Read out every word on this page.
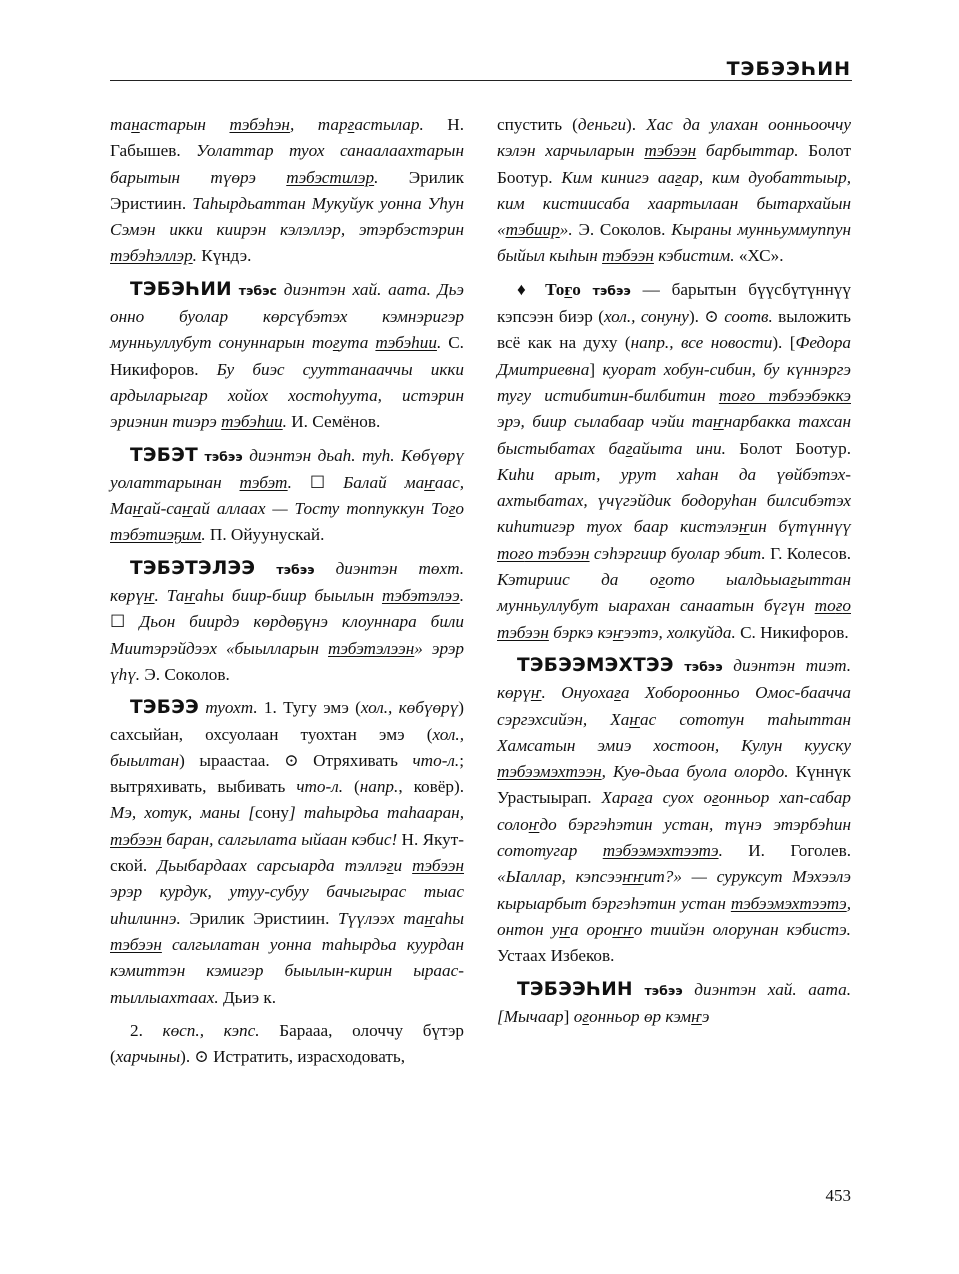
ТЭБЭЭҺИН

танастарын тэбэһэн, тарғастылар. Н. Габышев. Уолаттар туох санаалаахтарын барытын түөрэ тэбэстилэр. Эрилик Эристиин. Таһырдьаттан Мукуйук уонна Уһун Сэмэн икки киирэн кэлэллэр, этэрбэстэрин тэбэһэллэр. Күндэ.

ТЭБЭҺИИ тэбэс диэнтэн хай. аата. Дьэ онно буолар көрсүбэтэх кэмнэригэр мунньуллубут сонуннарын тоғута тэбэһии. С. Никифоров. Бу биэс сууттанааччы икки ардыларыгар хойох хостоһуута, истэрин эриэнин тиэрэ тэбэһии. И. Семёнов.

ТЭБЭТ тэбээ диэнтэн дьаһ. туһ. Көбүөрү уолаттарынан тэбэт. ☐ Балай маҥаас, Маҥай-саҥай аллаах — Тосту топпуккун Тоғо тэбэтиэҕим. П. Ойуунускай.

ТЭБЭТЭЛЭЭ тэбээ диэнтэн төхт. көрүҥ. Таҥаһы биир-биир быылын тэбэтэлээ. ☐ Дьон биирдэ көрдөҕүнэ клоуннара били Миитэрэйдээх «быылларын тэбэтэлээн» эрэр үһү. Э. Соколов.

ТЭБЭЭ туохт. 1. Тугу эмэ (хол., көбүөрү) сахсыйан, охсуолаан туохтан эмэ (хол., быылтан) ыраастаа. ⊙ Отряхивать что-л.; вытряхивать, выбивать что-л. (напр., ковёр). Мэ, хотук, маны [сону] таһырдьа таһааран, тэбээн баран, салгылата ыйаан кэбис! Н. Якутской. Дьыбардаах сарсыарда тэллэғи тэбээн эрэр курдук, утуу-субуу бачыгырас тыас иһилиннэ. Эрилик Эристиин. Түүлээх таҥаһы тэбээн салгылатан уонна таһырдьа куурдан кэмиттэн кэмигэр быылын-кирин ыраастыллыахтаах. Дьиэ к.

2. көсп., кэпс. Барааа, олоччу бүтэр (харчыны). ⊙ Истратить, израсходовать,

спустить (деньги). Хас да улахан оонньооччу кэлэн харчыларын тэбээн барбыттар. Болот Боотур. Ким кинигэ аағар, ким дуобаттыыр, ким кистиисаба хаартылаан бытархайын «тэбиир». Э. Соколов. Кыраны мунньуммуппун быйыл кыһын тэбээн кэбистим. «ХС».

♦ Тоғо тэбээ — барытын бүүсбүтүннүү кэпсээн биэр (хол., сонуну). ⊙ соотв. выложить всё как на духу (напр., все новости). [Федора Дмитриевна] куорат хобун-сибин, бу күннэргэ тугу истибитин-билбитин тоғо тэбээбэккэ эрэ, биир сылабаар чэйи таҥнарбакка тахсан быстыбатах бағайыта ини. Болот Боотур. Киһи арыт, урут хаһан да үөйбэтэх-ахтыбатах, үчүгэйдик бодоруһан билсибэтэх киһитигэр туох баар кистэлэҥин бүтүннүү тоғо тэбээн сэһэргиир буолар эбит. Г. Колесов. Кэтириис да оғото ыалдьыағыттан мунньуллубут ыарахан санаатын бүгүн тоғо тэбээн бэркэ кэҥээтэ, холкуйда. С. Никифоров.

ТЭБЭЭМЭХТЭЭ тэбээ диэнтэн тиэт. көрүҥ. Онуохаға Хобороонньо Омос-баачча сэргэхсийэн, Хаҥас сототун таһыттан Хамсатын эмиэ хостоон, Кулун кууску тэбээмэхтээн, Куө-дьаа буола олордо. Күннүк Урастыырап. Хараға суох оғонньор хап-сабар солоҥдо бэргэһэтин устан, түнэ этэрбэһин сототугар тэбээмэхтээтэ. И. Гоголев. «Ыаллар, кэпсээҥҥит?» — суруксут Мэхээлэ кырыарбыт бэргэһэтин устан тэбээмэхтээтэ, онтон уҥа ороҥҥо тиийэн олорунан кэбистэ. Устаах Избеков.

ТЭБЭЭҺИН тэбээ диэнтэн хай. аата. [Мычаар] оғонньор өр кэмҥэ

453
